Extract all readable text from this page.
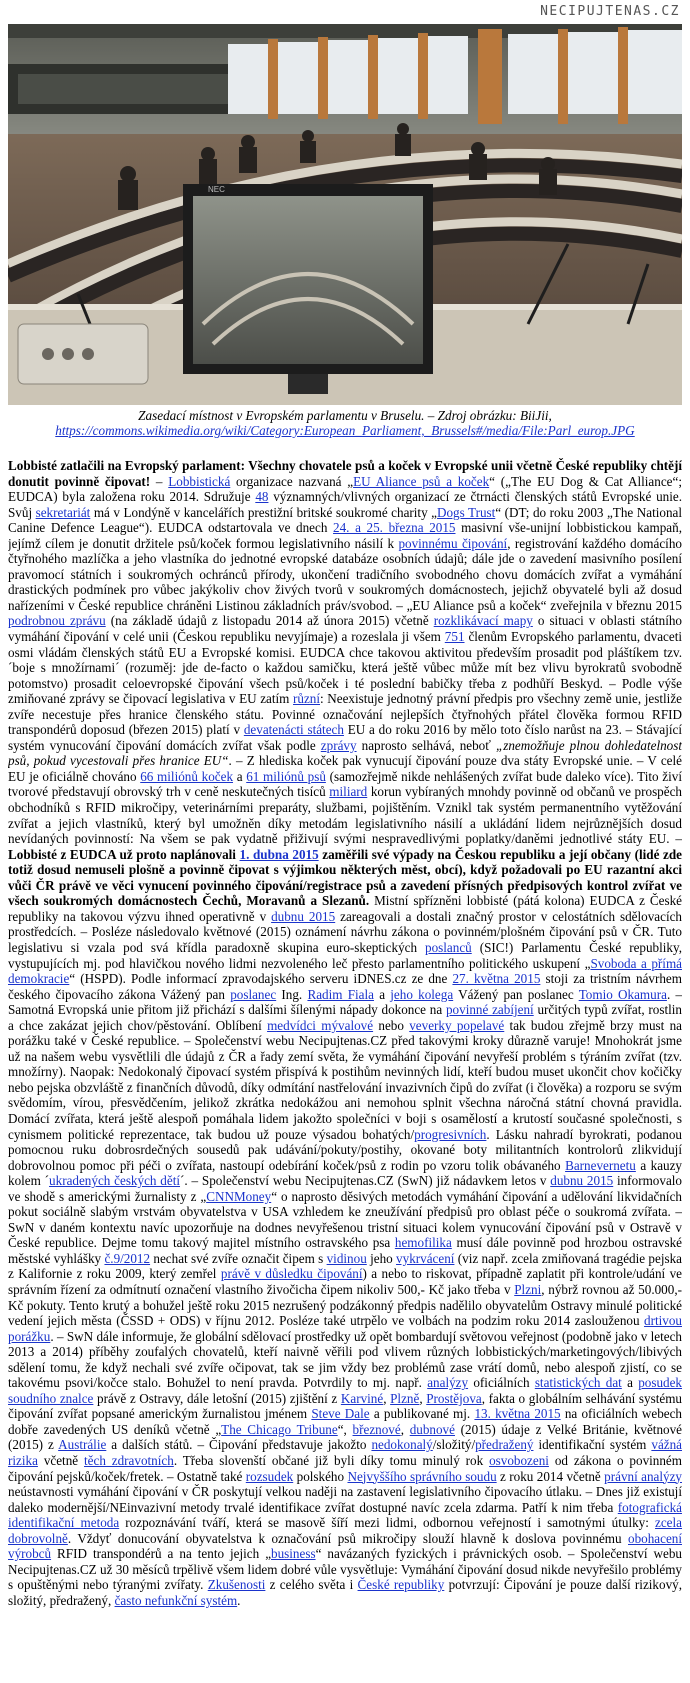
NECIPUJTENAS.CZ
NEC
Zasedací místnost v Evropském parlamentu v Bruselu. – Zdroj obrázku: BiiJii,
https://commons.wikimedia.org/wiki/Category:European_Parliament,_Brussels#/media/File:Parl_europ.JPG
Lobbisté zatlačili na Evropský parlament: Všechny chovatele psů a koček v Evropské unii včetně České republiky chtějí donutit povinně čipovat! – Lobbistická organizace nazvaná „EU Aliance psů a koček“ („The EU Dog & Cat Alliance“; EUDCA) byla založena roku 2014. Sdružuje 48 významných/vlivných organizací ze čtrnácti členských států Evropské unie. Svůj sekretariát má v Londýně v kancelářích prestižní britské soukromé charity „Dogs Trust“ (DT; do roku 2003 „The National Canine Defence League“). EUDCA odstartovala ve dnech 24. a 25. března 2015 masivní vše-unijní lobbistickou kampaň, jejímž cílem je donutit držitele psů/koček formou legislativního násilí k povinnému čipování, registrování každého domácího čtyřnohého mazlíčka a jeho vlastníka do jednotné evropské databáze osobních údajů; dále jde o zavedení masivního posílení pravomocí státních i soukromých ochránců přírody, ukončení tradičního svobodného chovu domácích zvířat a vymáhání drastických podmínek pro vůbec jakýkoliv chov živých tvorů v soukromých domácnostech, jejichž obyvatelé byli až dosud nařízeními v České republice chráněni Listinou základních práv/svobod. – „EU Aliance psů a koček“ zveřejnila v březnu 2015 podrobnou zprávu (na základě údajů z listopadu 2014 až února 2015) včetně rozklikávací mapy o situaci v oblasti státního vymáhání čipování v celé unii (Českou republiku nevyjímaje) a rozeslala ji všem 751 členům Evropského parlamentu, dvaceti osmi vládám členských států EU a Evropské komisi. EUDCA chce takovou aktivitou především prosadit pod pláštíkem tzv. ´boje s množírnami´ (rozuměj: jde de-facto o každou samičku, která ještě vůbec může mít bez vlivu byrokratů svobodně potomstvo) prosadit celoevropské čipování všech psů/koček i té poslední babičky třeba z podhůří Beskyd. – Podle výše zmiňované zprávy se čipovací legislativa v EU zatím různí: Neexistuje jednotný právní předpis pro všechny země unie, jestliže zvíře necestuje přes hranice členského státu. Povinné označování nejlepších čtyřnohých přátel člověka formou RFID transpondérů doposud (březen 2015) platí v devatenácti státech EU a do roku 2016 by mělo toto číslo narůst na 23. – Stávající systém vynucování čipování domácích zvířat však podle zprávy naprosto selhává, neboť „znemožňuje plnou dohledatelnost psů, pokud vycestovali přes hranice EU“. – Z hlediska koček pak vynucují čipování pouze dva státy Evropské unie. – V celé EU je oficiálně chováno 66 miliónů koček a 61 miliónů psů (samozřejmě nikde nehlášených zvířat bude daleko více). Tito živí tvorové představují obrovský trh v ceně neskutečných tisíců miliard korun vybíraných mnohdy povinně od občanů ve prospěch obchodníků s RFID mikročipy, veterinárními preparáty, službami, pojištěním. Vznikl tak systém permanentního vytěžování zvířat a jejich vlastníků, který byl umožněn díky metodám legislativního násilí a ukládání lidem nejrůznějších dosud nevídaných povinností: Na všem se pak vydatně přiživují svými nespravedlivými poplatky/daněmi jednotlivé státy EU. – Lobbisté z EUDCA už proto naplánovali 1. dubna 2015 zaměřili své výpady na Českou republiku a její občany (lidé zde totiž dosud nemuseli plošně a povinně čipovat s výjimkou některých měst, obcí), když požadovali po EU razantní akci vůči ČR právě ve věci vynucení povinného čipování/registrace psů a zavedení přísných předpisových kontrol zvířat ve všech soukromých domácnostech Čechů, Moravanů a Slezanů. Mistní spřízněni lobbisté (pátá kolona) EUDCA z České republiky na takovou výzvu ihned operativně v dubnu 2015 zareagovali a dostali značný prostor v celostátních sdělovacích prostředcích. – Posléze následovalo květnové (2015) oznámení návrhu zákona o povinném/plošném čipování psů v ČR. Tuto legislativu si vzala pod svá křídla paradoxně skupina euro-skeptických poslanců (SIC!) Parlamentu České republiky, vystupujících mj. pod hlavičkou nového lidmi nezvoleného leč přesto parlamentního politického uskupení „Svoboda a přímá demokracie“ (HSPD). Podle informací zpravodajského serveru iDNES.cz ze dne 27. května 2015 stoji za tristním návrhem českého čipovacího zákona Vážený pan poslanec Ing. Radim Fiala a jeho kolega Vážený pan poslanec Tomio Okamura. – Samotná Evropská unie přitom již přichází s dalšími šílenými nápady dokonce na povinné zabíjení určitých typů zvířat, rostlin a chce zakázat jejich chov/pěstování. Oblíbení medvídci mývalové nebo veverky popelavé tak budou zřejmě brzy must na porážku také v České republice. – Společenství webu Necipujtenas.CZ před takovými kroky důrazně varuje! Mnohokrát jsme už na našem webu vysvětlili dle údajů z ČR a řady zemí světa, že vymáhání čipování nevyřeší problém s týráním zvířat (tzv. množírny). Naopak: Nedokonalý čipovací systém přispívá k postihům nevinných lidí, kteří budou muset ukončit chov kočičky nebo pejska obzvláště z finančních důvodů, díky odmítání nastřelování invazivních čipů do zvířat (i člověka) a rozporu se svým svědomím, vírou, přesvědčením, jelikož zkrátka nedokážou ani nemohou splnit všechna náročná státní chovná pravidla. Domácí zvířata, která ještě alespoň pomáhala lidem jakožto společníci v boji s osamělostí a krutostí současné společnosti, s cynismem politické reprezentace, tak budou už pouze výsadou bohatých/progresivních. Lásku nahradí byrokrati, podanou pomocnou ruku dobrosrdečných sousedů pak udávání/pokuty/postihy, okované boty militantních kontrolorů zlikvidují dobrovolnou pomoc při péči o zvířata, nastoupí odebírání koček/psů z rodin po vzoru tolik obávaného Barnevernetu a kauzy kolem ´ukradených českých dětí´. – Společenství webu Necipujtenas.CZ (SwN) již nádavkem letos v dubnu 2015 informovalo ve shodě s americkými žurnalisty z „CNNMoney“ o naprosto děsivých metodách vymáhání čipování a udělování likvidačních pokut sociálně slabým vrstvám obyvatelstva v USA vzhledem ke zneužívání předpisů pro oblast péče o soukromá zvířata. – SwN v daném kontextu navíc upozorňuje na dodnes nevyřešenou tristní situaci kolem vynucování čipování psů v Ostravě v České republice. Dejme tomu takový majitel místního ostravského psa hemofilika musí dále povinně pod hrozbou ostravské městské vyhlášky č.9/2012 nechat své zvíře označit čipem s vidinou jeho vykrvácení (viz např. zcela zmiňovaná tragédie pejska z Kalifornie z roku 2009, který zemřel právě v důsledku čipování) a nebo to riskovat, případně zaplatit při kontrole/udání ve správním řízení za odmítnutí označení vlastního živočicha čipem nikoliv 500,- Kč jako třeba v Plzni, nýbrž rovnou až 50.000,- Kč pokuty. Tento krutý a bohužel ještě roku 2015 nezrušený podzákonný předpis nadělilo obyvatelům Ostravy minulé politické vedení jejich města (ČSSD + ODS) v říjnu 2012. Posléze také utrpělo ve volbách na podzim roku 2014 zaslouženou drtivou porážku. – SwN dále informuje, že globální sdělovací prostředky už opět bombardují světovou veřejnost (podobně jako v letech 2013 a 2014) příběhy zoufalých chovatelů, kteří naivně věřili pod vlivem různých lobbistických/marketingových/libivých sdělení tomu, že když nechali své zvíře očipovat, tak se jim vždy bez problémů zase vrátí domů, nebo alespoň zjistí, co se takovému psovi/kočce stalo. Bohužel to není pravda. Potvrdily to mj. např. analýzy oficiálních statistických dat a posudek soudního znalce právě z Ostravy, dále letošní (2015) zjištění z Karviné, Plzně, Prostějova, fakta o globálním selhávání systému čipování zvířat popsané americkým žurnalistou jménem Steve Dale a publikované mj. 13. května 2015 na oficiálních webech dobře zavedených US deníků včetně „The Chicago Tribune“, březnové, dubnové (2015) údaje z Velké Británie, květnové (2015) z Austrálie a dalších států. – Čipování představuje jakožto nedokonalý/složitý/předražený identifikační systém vážná rizika včetně těch zdravotních. Třeba slovenští občané již byli díky tomu minulý rok osvobozeni od zákona o povinném čipování pejsků/koček/fretek. – Ostatně také rozsudek polského Nejvyššího správního soudu z roku 2014 včetně právní analýzy neústavnosti vymáhání čipování v ČR poskytují velkou naději na zastavení legislativního čipovacího útlaku. – Dnes již existují daleko modernější/NEinvazivní metody trvalé identifikace zvířat dostupné navíc zcela zdarma. Patří k nim třeba fotografická identifikační metoda rozpoznávání tváří, která se masově šíří mezi lidmi, odbornou veřejností i samotnými útulky: zcela dobrovolně. Vždyť donucování obyvatelstva k označování psů mikročipy slouží hlavně k doslova povinnému obohacení výrobců RFID transpondérů a na tento jejich „business“ navázaných fyzických i právnických osob. – Společenství webu Necipujtenas.CZ už 30 měsíců trpělivě všem lidem dobré vůle vysvětluje: Vymáhání čipování dosud nikde nevyřešilo problémy s opuštěnými nebo týranými zvířaty. Zkušenosti z celého světa i České republiky potvrzují: Čipování je pouze další rizikový, složitý, předražený, často nefunkční systém.
